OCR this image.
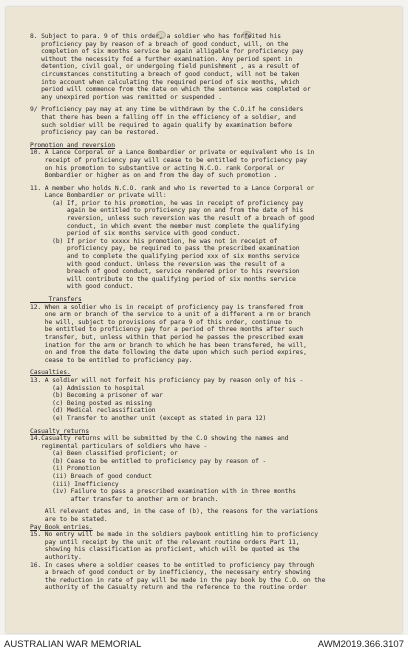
8. Subject to para. 9 of this order, a soldier who has forfeited his

proficiency pay by reason of a breach of good conduct, will, on the

completion of six months service be again alligable for proficiency pay

without the necessity fo£ a further examination. Any period spent in

detention, civil goal, or undergoing field punishment , as a result of

circumstances constituting a breach of good conduct, will not be taken

into account when calculating the required period of six months, which

period will commence from the date on which the sentence was completed or

any unexpired portion was remitted or suspended .

9/ Proficiency pay may at any time be withdrawn by the C.O.if he considers

that there has been a falling off in the efficiency of a soldier, and

such soldier will be required to again qualify by examination before

proficiency pay can be restored.

Promotion and reversion

10. A Lance Corporal or a Lance Bombardier or private or equivalent who is in

receipt of proficiency pay will cease to be entitled to proficiency pay

on his promotion to substantive or acting N.C.O. rank Corporal or

Bombardier or higher as on and from the day of such promotion .

11. A member who holds N.C.O. rank and who is reverted to a Lance Corporal or

Lance Bombardier or private will:

(a) If, prior to his promotion, he was in receipt of proficiency pay

again be entitled to proficiency pay on and from the date of his

reversion, unless such reversion was the result of a breach of good

conduct, in which event the member must complete the qualifying

period of six months service with good conduct.

(b) If prior to xxxxx his promotion, he was not in receipt of

proficiency pay, be required to pass the prescribed examination

and to complete the qualifying period xxx of six months service

with good conduct. Unless the reversion was the result of a

breach of good conduct, service rendered prior to his reversion

will contribute to the qualifying period of six months service

with good conduct.

Transfers

12. When a soldier who is in receipt of proficiency pay is transfered from

one arm or branch of the service to a unit of a different a rm or branch

he will, subject to provisions of para 9 of this order, continue to

be entitled to proficiency pay for a period of three months after such

transfer, but, unless within that period he passes the prescribed exam

ination for the arm or branch to which he has been transfered, he will,

on and from the date following the date upon which such period expires,

cease to be entitled to proficiency pay.

Casualties.

13. A soldier will not forfeit his proficiency pay by reason only of his -

(a) Admission to hospital

(b) Becoming a prisoner of war

(c) Being posted as missing

(d) Medical reclassification

(e) Transfer to another unit (except as stated in para 12)

Casualty returns

14.Casualty returns will be submitted by the C.O showing the names and

regimental particulars of soldiers who have -

(a) Been classified proficient; or

(b) Cease to be entitled to proficiency pay by reason of -

(i) Promotion

(ii) Breach of good conduct

(iii) Inefficiency

(iv) Failure to pass a prescribed examination with in three months

after transfer to another arm or branch.

All relevant dates and, in the case of (b), the reasons for the variations

are to be stated.

Pay Book entries.

15. No entry will be made in the soldiers paybook entitling him to proficiency

pay until receipt by the unit of the relevant routine orders Part 11,

showing his classification as proficient, which will be quoted as the

authority.

16. In cases where a soldier ceases to be entitled to proficiency pay through

a breach of good conduct or by inefficiency, the necessary entry showing

the reduction in rate of pay will be made in the pay book by the C.O. on the

authority of the Casualty return and the reference to the routine order

AUSTRALIAN WAR MEMORIAL	AWM2019.366.3107
